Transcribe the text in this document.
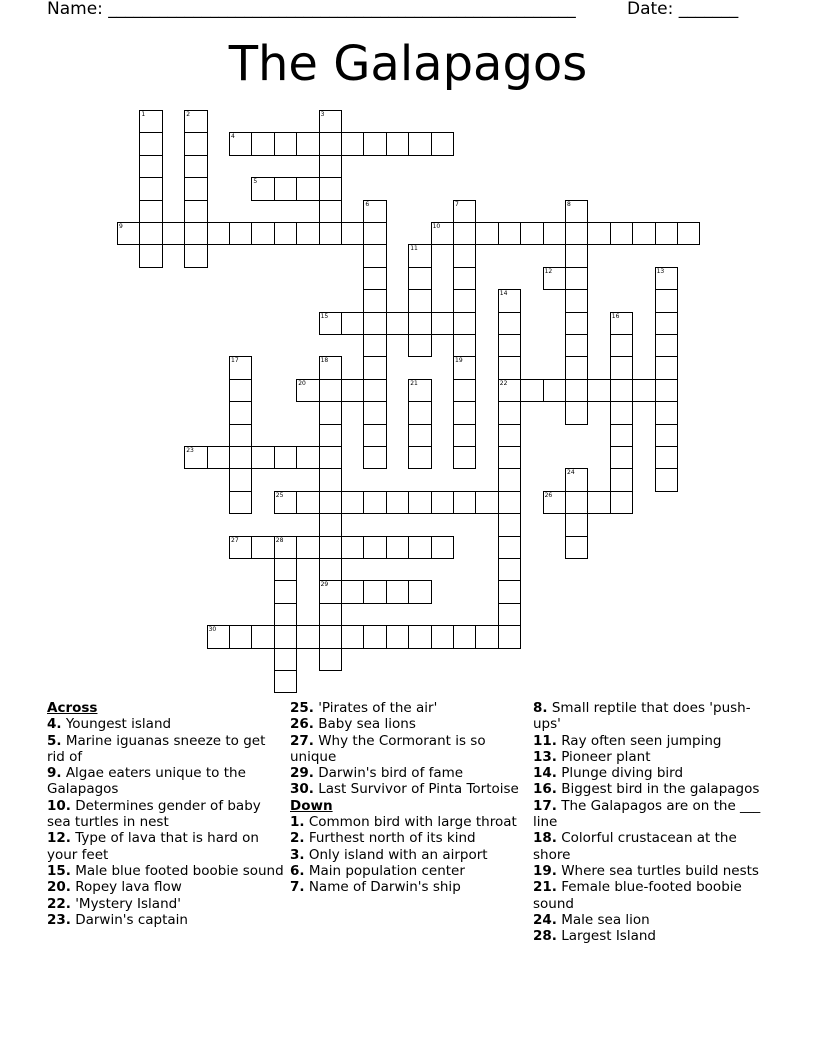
Name: _______________________________________________________	Date: _______
The Galapagos
1	2	3
4
5
6	7
19
8
9	10
11
12	13
14
22
15	16
17	18
29
20	21
23
24
25	26
27	28
30
Across
4. Youngest island
5. Marine iguanas sneeze to get rid of
9. Algae eaters unique to the Galapagos
10. Determines gender of baby sea turtles in nest
12. Type of lava that is hard on your feet
15. Male blue footed boobie sound
20. Ropey lava flow
22. 'Mystery Island'
23. Darwin's captain
25. 'Pirates of the air'
26. Baby sea lions
27. Why the Cormorant is so unique
29. Darwin's bird of fame
30. Last Survivor of Pinta Tortoise
Down
1. Common bird with large throat
2. Furthest north of its kind
3. Only island with an airport
6. Main population center
7. Name of Darwin's ship
8. Small reptile that does 'push-ups'
11. Ray often seen jumping
13. Pioneer plant
14. Plunge diving bird
16. Biggest bird in the galapagos
17. The Galapagos are on the ___ line
18. Colorful crustacean at the shore
19. Where sea turtles build nests
21. Female blue-footed boobie sound
24. Male sea lion
28. Largest Island
